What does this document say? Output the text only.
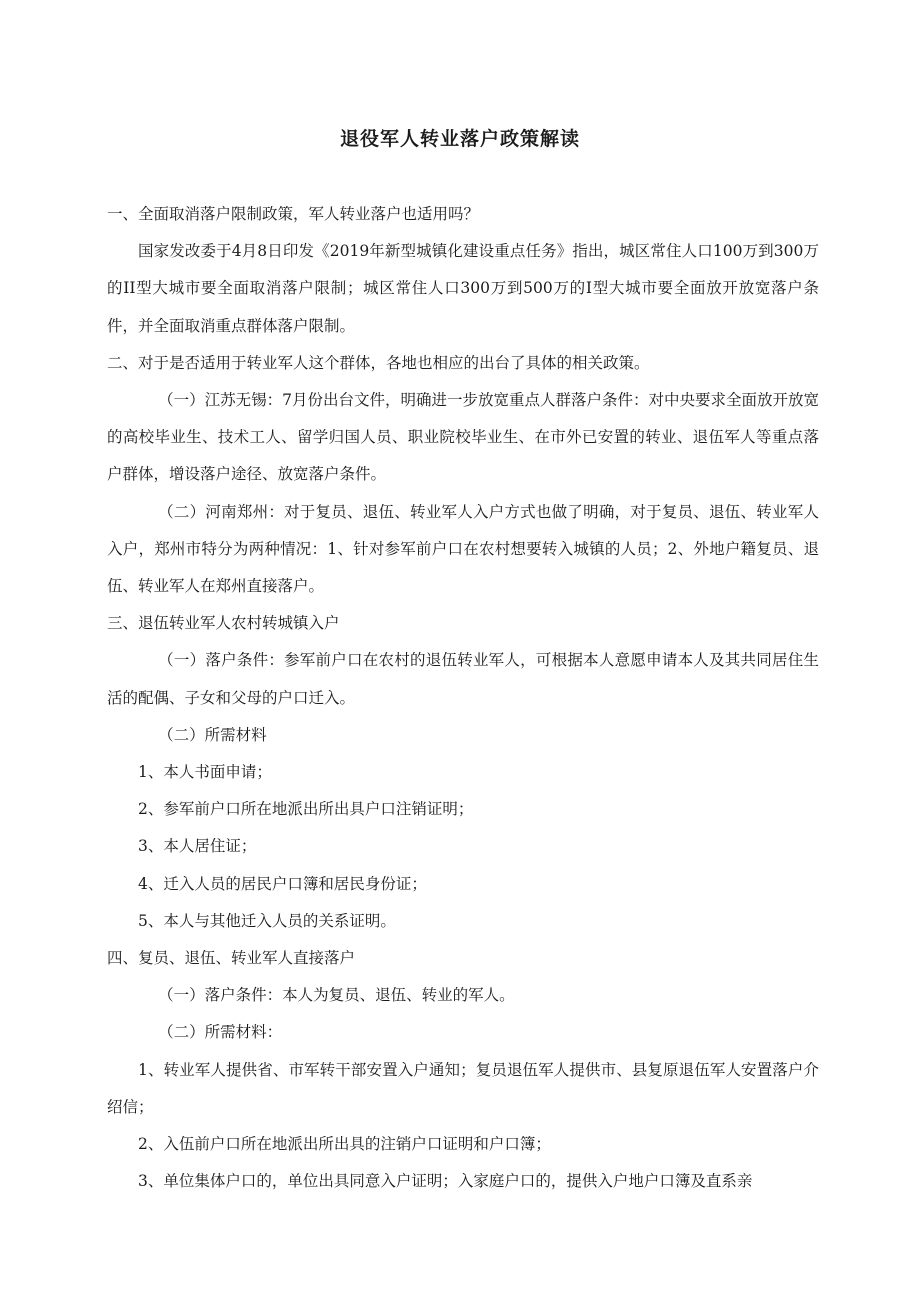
退役军人转业落户政策解读

一、全面取消落户限制政策，军人转业落户也适用吗？

国家发改委于4月8日印发《2019年新型城镇化建设重点任务》指出，城区常住人口100万到300万的II型大城市要全面取消落户限制；城区常住人口300万到500万的I型大城市要全面放开放宽落户条件，并全面取消重点群体落户限制。

二、对于是否适用于转业军人这个群体，各地也相应的出台了具体的相关政策。

（一）江苏无锡：7月份出台文件，明确进一步放宽重点人群落户条件：对中央要求全面放开放宽的高校毕业生、技术工人、留学归国人员、职业院校毕业生、在市外已安置的转业、退伍军人等重点落户群体，增设落户途径、放宽落户条件。

（二）河南郑州：对于复员、退伍、转业军人入户方式也做了明确，对于复员、退伍、转业军人入户，郑州市特分为两种情况：1、针对参军前户口在农村想要转入城镇的人员；2、外地户籍复员、退伍、转业军人在郑州直接落户。

三、退伍转业军人农村转城镇入户

（一）落户条件：参军前户口在农村的退伍转业军人，可根据本人意愿申请本人及其共同居住生活的配偶、子女和父母的户口迁入。

（二）所需材料

1、本人书面申请；

2、参军前户口所在地派出所出具户口注销证明；

3、本人居住证；

4、迁入人员的居民户口簿和居民身份证；

5、本人与其他迁入人员的关系证明。

四、复员、退伍、转业军人直接落户

（一）落户条件：本人为复员、退伍、转业的军人。

（二）所需材料：

1、转业军人提供省、市军转干部安置入户通知；复员退伍军人提供市、县复原退伍军人安置落户介绍信；

2、入伍前户口所在地派出所出具的注销户口证明和户口簿；

3、单位集体户口的，单位出具同意入户证明；入家庭户口的，提供入户地户口簿及直系亲
